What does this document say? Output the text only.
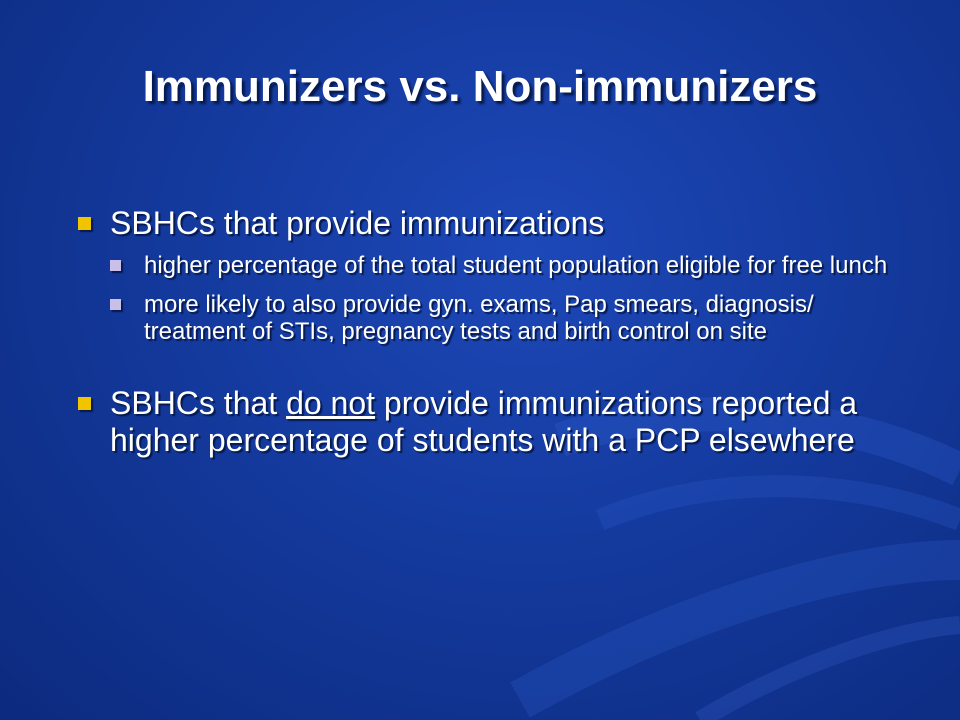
Immunizers vs. Non-immunizers
SBHCs that provide immunizations
higher percentage of the total student population eligible for free lunch
more likely to also provide gyn. exams, Pap smears, diagnosis/ treatment of STIs, pregnancy tests and birth control on site
SBHCs that do not provide immunizations reported a higher percentage of students with a PCP elsewhere
